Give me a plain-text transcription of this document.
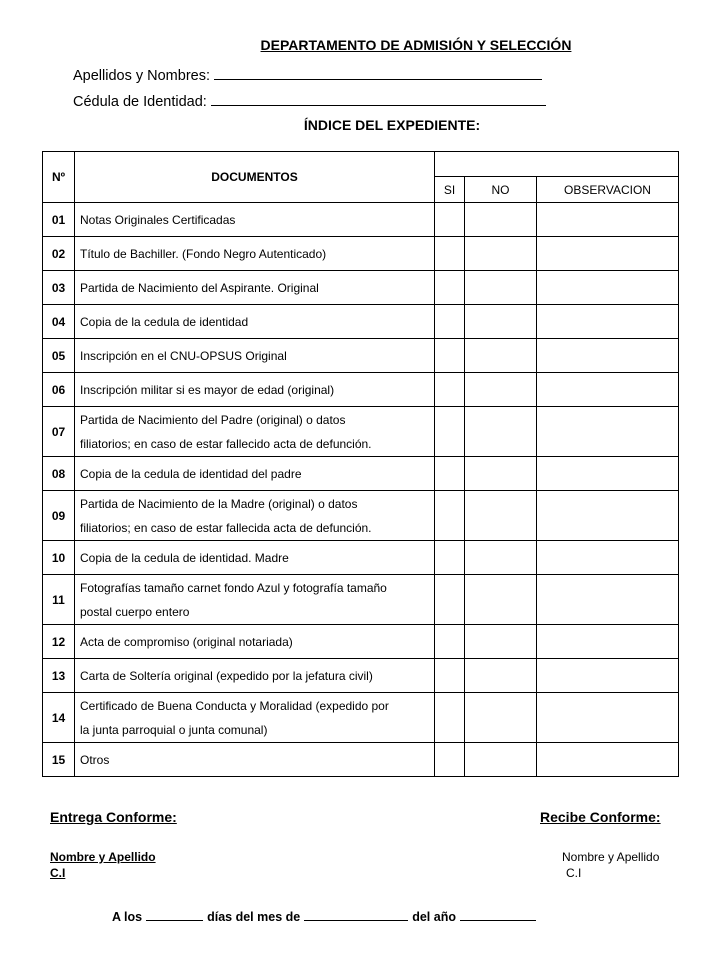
DEPARTAMENTO DE ADMISIÓN Y SELECCIÓN
Apellidos y Nombres:
Cédula de Identidad:
ÍNDICE DEL EXPEDIENTE:
Nº	DOCUMENTOS			
		SI	NO	OBSERVACION
01	Notas Originales Certificadas			

02	Título de Bachiller. (Fondo Negro Autenticado)			

03	Partida de Nacimiento del Aspirante. Original			

04	Copia de la cedula de identidad			

05	Inscripción en el CNU-OPSUS Original			

06	Inscripción militar si es mayor de edad (original)			

07	Partida de Nacimiento del Padre (original) o datos
filiatorios; en caso de estar fallecido acta de defunción.			

08	Copia de la cedula de identidad del padre			

09	Partida de Nacimiento de la Madre (original) o datos
filiatorios; en caso de estar fallecida acta de defunción.			

10	Copia de la cedula de identidad. Madre			

11	Fotografías tamaño carnet fondo Azul y fotografía tamaño
postal cuerpo entero			

12	Acta de compromiso (original notariada)			

13	Carta de Soltería original (expedido por la jefatura civil)			

14	Certificado de Buena Conducta y Moralidad (expedido por
la junta parroquial o junta comunal)			

15	Otros			

Entrega Conforme:	Recibe Conforme:
Nombre y Apellido
C.I
Nombre y Apellido
C.I
A los	días del mes de	del año
